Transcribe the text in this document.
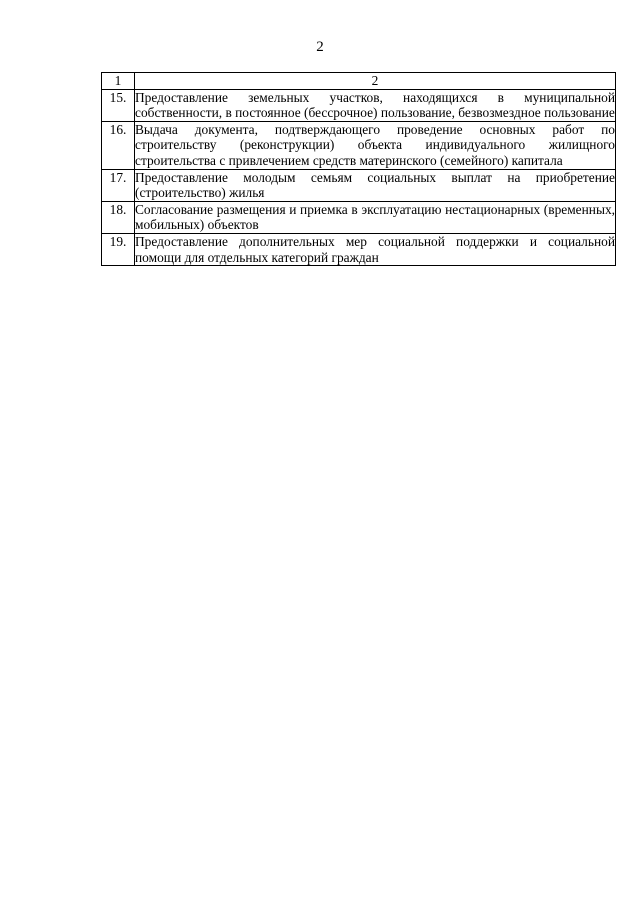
2
1	2
15.	Предоставление земельных участков, находящихся в муниципальной собственности, в постоянное (бессрочное) пользование, безвозмездное пользование
16.	Выдача документа, подтверждающего проведение основных работ по строительству (реконструкции) объекта индивидуального жилищного строительства с привлечением средств материнского (семейного) капитала
17.	Предоставление молодым семьям социальных выплат на приобретение (строительство) жилья
18.	Согласование размещения и приемка в эксплуатацию нестационарных (временных, мобильных) объектов
19.	Предоставление дополнительных мер социальной поддержки и социальной помощи для отдельных категорий граждан
